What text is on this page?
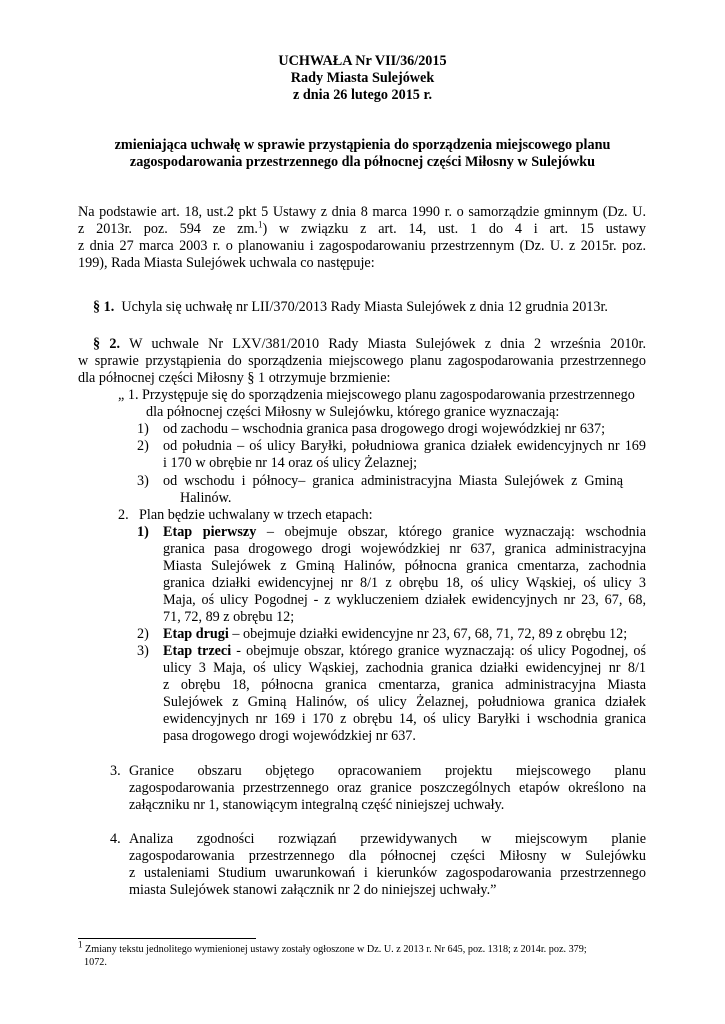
UCHWAŁA Nr VII/36/2015
Rady Miasta Sulejówek
z dnia 26 lutego 2015 r.
zmieniająca uchwałę w sprawie przystąpienia do sporządzenia miejscowego planu
zagospodarowania przestrzennego dla północnej części Miłosny w Sulejówku
Na podstawie art. 18, ust.2 pkt 5 Ustawy z dnia 8 marca 1990 r. o samorządzie gminnym (Dz. U.
z 2013r. poz. 594 ze zm.$^1$) w związku z art. 14, ust. 1 do 4 i art. 15 ustawy
z dnia 27 marca 2003 r. o planowaniu i zagospodarowaniu przestrzennym (Dz. U. z 2015r. poz.
199), Rada Miasta Sulejówek uchwala co następuje:
§ 1. Uchyla się uchwałę nr LII/370/2013 Rady Miasta Sulejówek z dnia 12 grudnia 2013r.
§ 2. W uchwale Nr LXV/381/2010 Rady Miasta Sulejówek z dnia 2 września 2010r.
w sprawie przystąpienia do sporządzenia miejscowego planu zagospodarowania przestrzennego
dla północnej części Miłosny § 1 otrzymuje brzmienie:
„ 1. Przystępuje się do sporządzenia miejscowego planu zagospodarowania przestrzennego
dla północnej części Miłosny w Sulejówku, którego granice wyznaczają:
1) od zachodu – wschodnia granica pasa drogowego drogi wojewódzkiej nr 637;
2) od południa – oś ulicy Baryłki, południowa granica działek ewidencyjnych nr 169
i 170 w obrębie nr 14 oraz oś ulicy Żelaznej;
3) od wschodu i północy– granica administracyjna Miasta Sulejówek z Gminą
Halinów.
2. Plan będzie uchwalany w trzech etapach:
1) Etap pierwszy – obejmuje obszar, którego granice wyznaczają: wschodnia
granica pasa drogowego drogi wojewódzkiej nr 637, granica administracyjna
Miasta Sulejówek z Gminą Halinów, północna granica cmentarza, zachodnia
granica działki ewidencyjnej nr 8/1 z obrębu 18, oś ulicy Wąskiej, oś ulicy 3
Maja, oś ulicy Pogodnej - z wykluczeniem działek ewidencyjnych nr 23, 67, 68,
71, 72, 89 z obrębu 12;
2) Etap drugi – obejmuje działki ewidencyjne nr 23, 67, 68, 71, 72, 89 z obrębu 12;
3) Etap trzeci - obejmuje obszar, którego granice wyznaczają: oś ulicy Pogodnej, oś
ulicy 3 Maja, oś ulicy Wąskiej, zachodnia granica działki ewidencyjnej nr 8/1
z obrębu 18, północna granica cmentarza, granica administracyjna Miasta
Sulejówek z Gminą Halinów, oś ulicy Żelaznej, południowa granica działek
ewidencyjnych nr 169 i 170 z obrębu 14, oś ulicy Baryłki i wschodnia granica
pasa drogowego drogi wojewódzkiej nr 637.
3. Granice obszaru objętego opracowaniem projektu miejscowego planu
zagospodarowania przestrzennego oraz granice poszczególnych etapów określono na
załączniku nr 1, stanowiącym integralną część niniejszej uchwały.
4. Analiza zgodności rozwiązań przewidywanych w miejscowym planie
zagospodarowania przestrzennego dla północnej części Miłosny w Sulejówku
z ustaleniami Studium uwarunkowań i kierunków zagospodarowania przestrzennego
miasta Sulejówek stanowi załącznik nr 2 do niniejszej uchwały.”
$^1$ Zmiany tekstu jednolitego wymienionej ustawy zostały ogłoszone w Dz. U. z 2013 r. Nr 645, poz. 1318; z 2014r. poz. 379;
1072.
